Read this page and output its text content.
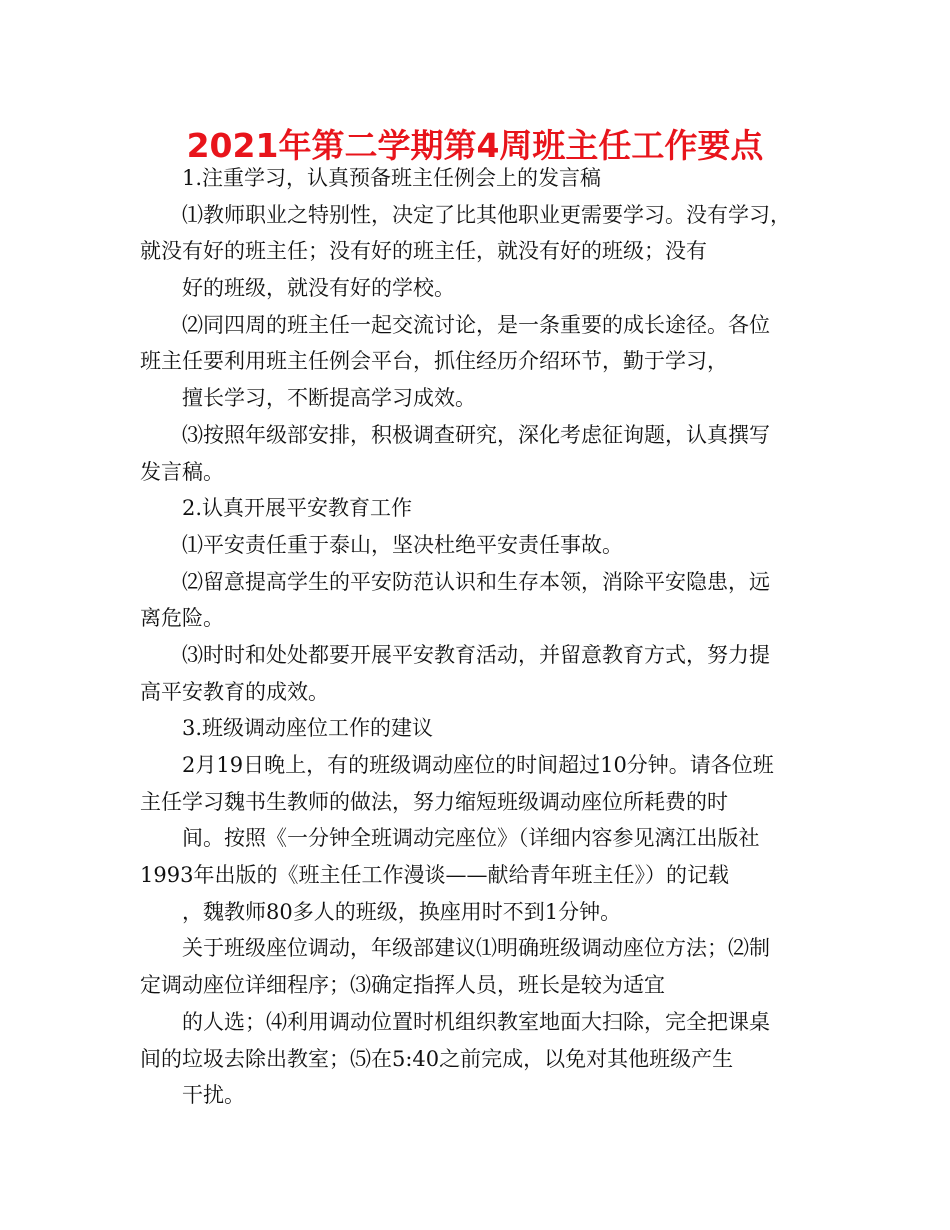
2021年第二学期第4周班主任工作要点
1.注重学习，认真预备班主任例会上的发言稿
⑴教师职业之特别性，决定了比其他职业更需要学习。没有学习，
就没有好的班主任；没有好的班主任，就没有好的班级；没有
好的班级，就没有好的学校。
⑵同四周的班主任一起交流讨论，是一条重要的成长途径。各位
班主任要利用班主任例会平台，抓住经历介绍环节，勤于学习，
擅长学习，不断提高学习成效。
⑶按照年级部安排，积极调查研究，深化考虑征询题，认真撰写
发言稿。
2.认真开展平安教育工作
⑴平安责任重于泰山，坚决杜绝平安责任事故。
⑵留意提高学生的平安防范认识和生存本领，消除平安隐患，远
离危险。
⑶时时和处处都要开展平安教育活动，并留意教育方式，努力提
高平安教育的成效。
3.班级调动座位工作的建议
2月19日晚上，有的班级调动座位的时间超过10分钟。请各位班
主任学习魏书生教师的做法，努力缩短班级调动座位所耗费的时
间。按照《一分钟全班调动完座位》（详细内容参见漓江出版社
1993年出版的《班主任工作漫谈——献给青年班主任》）的记载
，魏教师80多人的班级，换座用时不到1分钟。
关于班级座位调动，年级部建议⑴明确班级调动座位方法；⑵制
定调动座位详细程序；⑶确定指挥人员，班长是较为适宜
的人选；⑷利用调动位置时机组织教室地面大扫除，完全把课桌
间的垃圾去除出教室；⑸在5:40之前完成，以免对其他班级产生
干扰。
